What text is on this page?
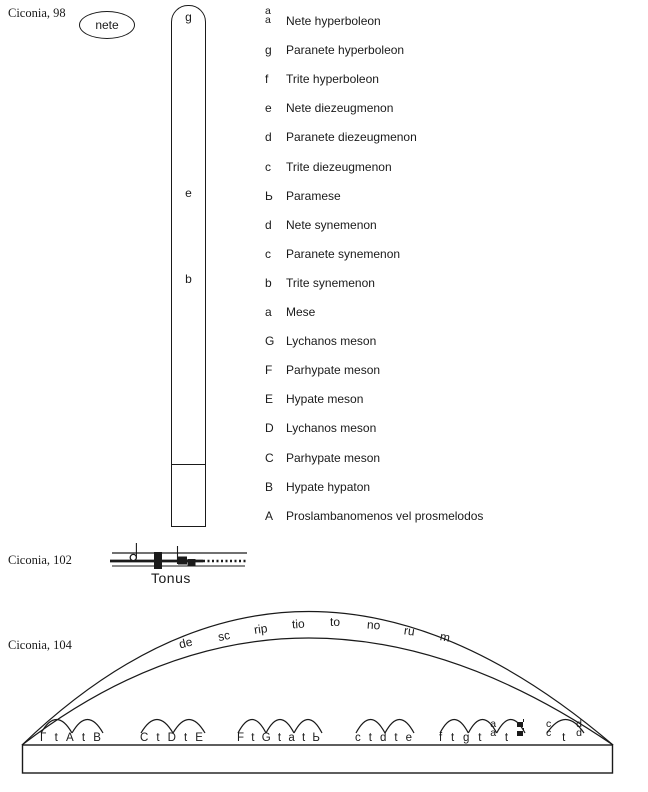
Ciconia, 98
nete
g
e
b
a
a	Nete hyperboleon
g	Paranete hyperboleon
f	Trite hyperboleon
e	Nete diezeugmenon
d	Paranete diezeugmenon
c	Trite diezeugmenon
Ь	Paramese
d	Nete synemenon
c	Paranete synemenon
b	Trite synemenon
a	Mese
G Lychanos meson
F	Parhypate meson
E	Hypate meson
D	Lychanos meson
C	Parhypate meson
B	Hypate hypaton
A	Proslambanomenos vel prosmelodos
Ciconia, 102
Tonus
Ciconia, 104
Γ t A t B	C t D t E	F t G t a t Ь	c t d t e f t g t
a
a t
c
c t
d
d
de sc rip tio to no ru m
